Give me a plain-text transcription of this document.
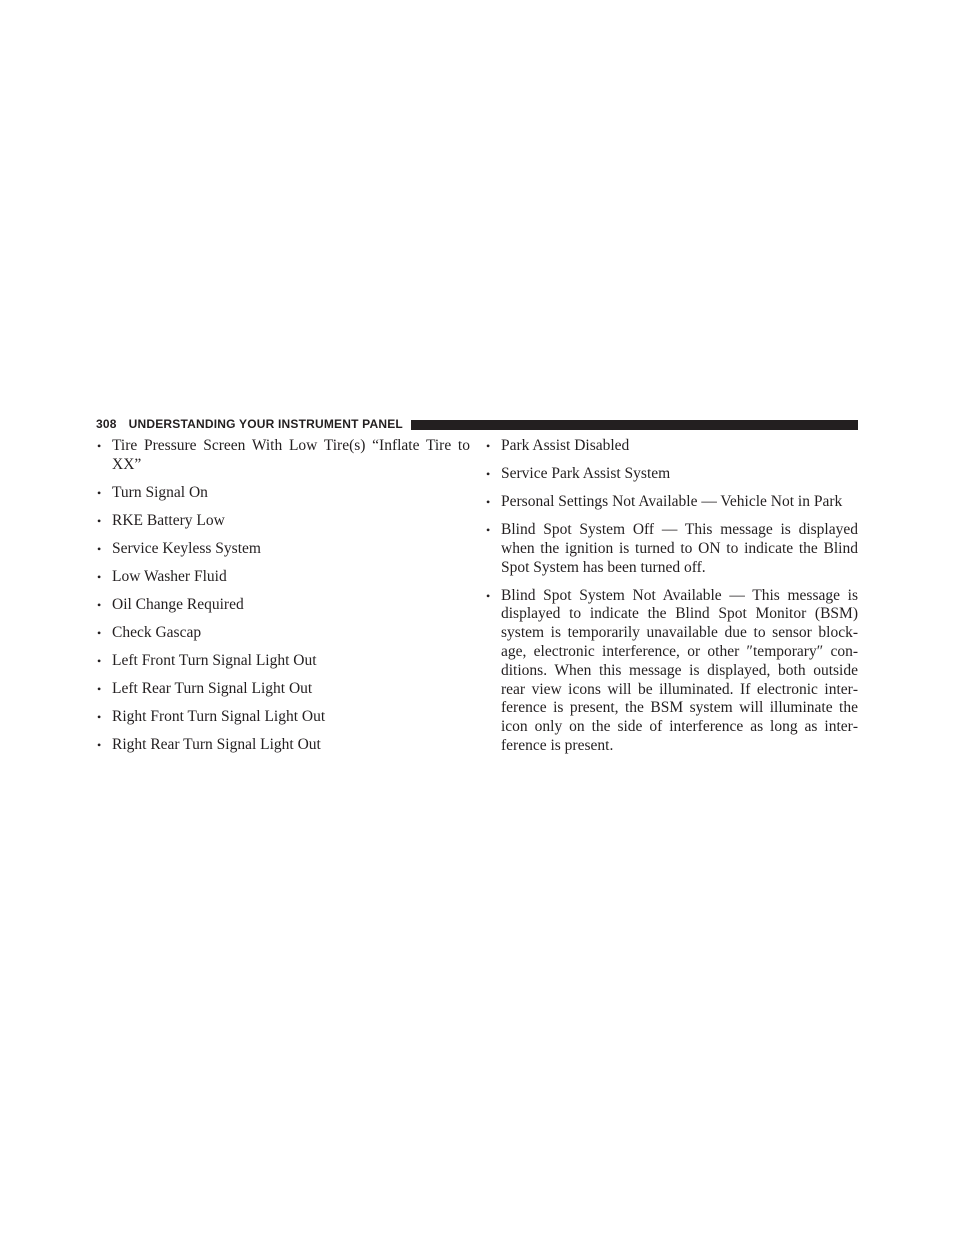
308 UNDERSTANDING YOUR INSTRUMENT PANEL
• Tire Pressure Screen With Low Tire(s) “Inflate Tire to XX”
• Turn Signal On
• RKE Battery Low
• Service Keyless System
• Low Washer Fluid
• Oil Change Required
• Check Gascap
• Left Front Turn Signal Light Out
• Left Rear Turn Signal Light Out
• Right Front Turn Signal Light Out
• Right Rear Turn Signal Light Out
• Park Assist Disabled
• Service Park Assist System
• Personal Settings Not Available — Vehicle Not in Park
• Blind Spot System Off — This message is displayed when the ignition is turned to ON to indicate the Blind Spot System has been turned off.
• Blind Spot System Not Available — This message is displayed to indicate the Blind Spot Monitor (BSM) system is temporarily unavailable due to sensor blockage, electronic interference, or other ″temporary″ conditions. When this message is displayed, both outside rear view icons will be illuminated. If electronic interference is present, the BSM system will illuminate the icon only on the side of interference as long as interference is present.
